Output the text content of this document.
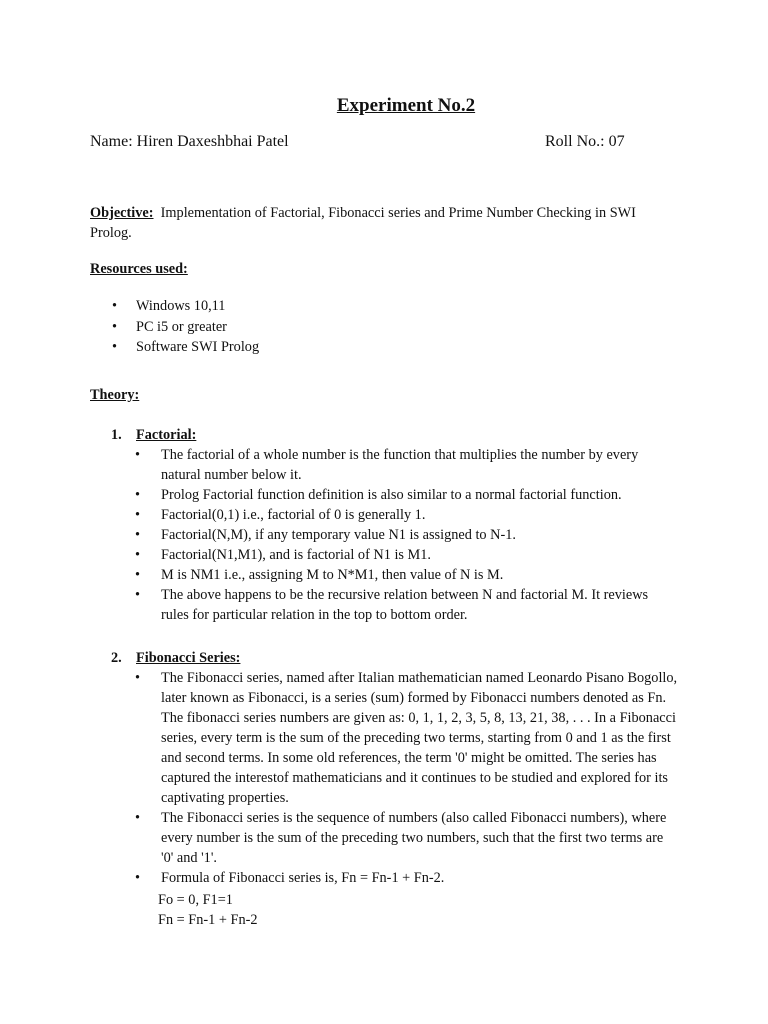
Experiment No.2
Name: Hiren Daxeshbhai Patel	Roll No.: 07
Objective: Implementation of Factorial, Fibonacci series and Prime Number Checking in SWI Prolog.
Resources used:
• Windows 10,11
• PC i5 or greater
• Software SWI Prolog
Theory:
1. Factorial:
• The factorial of a whole number is the function that multiplies the number by every natural number below it.
• Prolog Factorial function definition is also similar to a normal factorial function.
• Factorial(0,1) i.e., factorial of 0 is generally 1.
• Factorial(N,M), if any temporary value N1 is assigned to N-1.
• Factorial(N1,M1), and is factorial of N1 is M1.
• M is NM1 i.e., assigning M to N*M1, then value of N is M.
• The above happens to be the recursive relation between N and factorial M. It reviews rules for particular relation in the top to bottom order.
2. Fibonacci Series:
• The Fibonacci series, named after Italian mathematician named Leonardo Pisano Bogollo, later known as Fibonacci, is a series (sum) formed by Fibonacci numbers denoted as Fn. The fibonacci series numbers are given as: 0, 1, 1, 2, 3, 5, 8, 13, 21, 38, . . . In a Fibonacci series, every term is the sum of the preceding two terms, starting from 0 and 1 as the first and second terms. In some old references, the term '0' might be omitted. The series has captured the interestof mathematicians and it continues to be studied and explored for its captivating properties.
• The Fibonacci series is the sequence of numbers (also called Fibonacci numbers), where every number is the sum of the preceding two numbers, such that the first two terms are '0' and '1'.
• Formula of Fibonacci series is, Fn = Fn-1 + Fn-2.
Fo = 0, F1=1
Fn = Fn-1 + Fn-2
